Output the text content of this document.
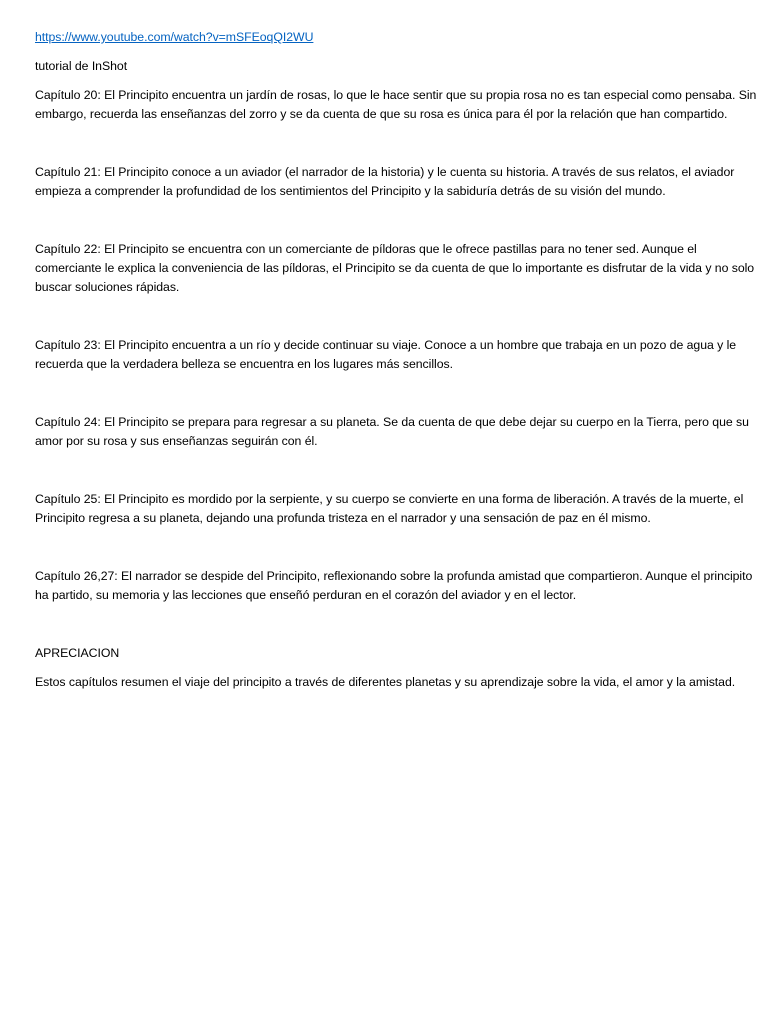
https://www.youtube.com/watch?v=mSFEoqQI2WU
tutorial de InShot
Capítulo 20: El Principito encuentra un jardín de rosas, lo que le hace sentir que su propia rosa no es tan especial como pensaba. Sin embargo, recuerda las enseñanzas del zorro y se da cuenta de que su rosa es única para él por la relación que han compartido.
Capítulo 21: El Principito conoce a un aviador (el narrador de la historia) y le cuenta su historia. A través de sus relatos, el aviador empieza a comprender la profundidad de los sentimientos del Principito y la sabiduría detrás de su visión del mundo.
Capítulo 22: El Principito se encuentra con un comerciante de píldoras que le ofrece pastillas para no tener sed. Aunque el comerciante le explica la conveniencia de las píldoras, el Principito se da cuenta de que lo importante es disfrutar de la vida y no solo buscar soluciones rápidas.
Capítulo 23: El Principito encuentra a un río y decide continuar su viaje. Conoce a un hombre que trabaja en un pozo de agua y le recuerda que la verdadera belleza se encuentra en los lugares más sencillos.
Capítulo 24: El Principito se prepara para regresar a su planeta. Se da cuenta de que debe dejar su cuerpo en la Tierra, pero que su amor por su rosa y sus enseñanzas seguirán con él.
Capítulo 25: El Principito es mordido por la serpiente, y su cuerpo se convierte en una forma de liberación. A través de la muerte, el Principito regresa a su planeta, dejando una profunda tristeza en el narrador y una sensación de paz en él mismo.
Capítulo 26,27: El narrador se despide del Principito, reflexionando sobre la profunda amistad que compartieron. Aunque el principito ha partido, su memoria y las lecciones que enseñó perduran en el corazón del aviador y en el lector.
APRECIACION
Estos capítulos resumen el viaje del principito a través de diferentes planetas y su aprendizaje sobre la vida, el amor y la amistad.
